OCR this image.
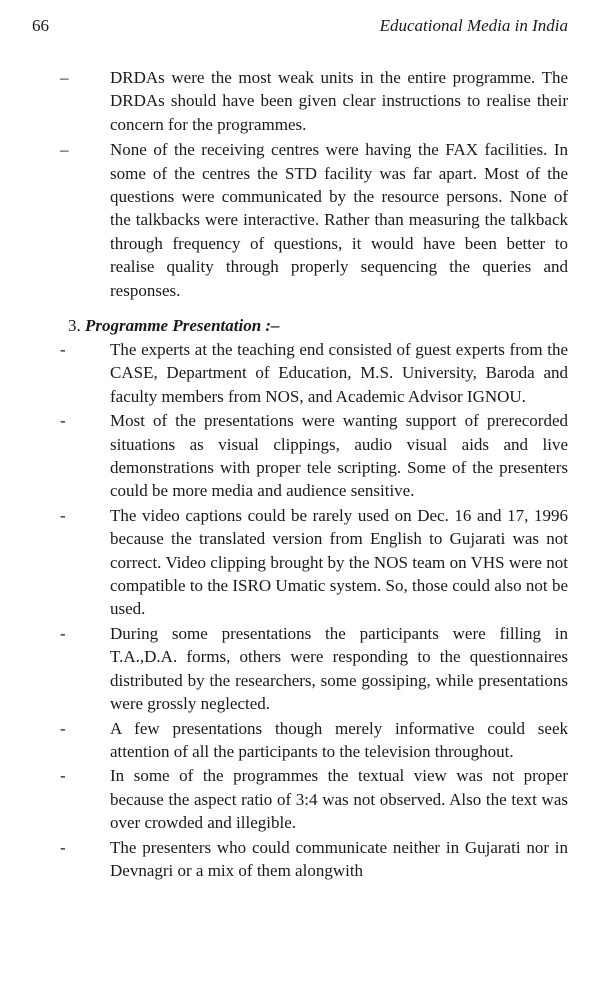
66	Educational Media in India
–	DRDAs were the most weak units in the entire programme. The DRDAs should have been given clear instructions to realise their concern for the programmes.
–	None of the receiving centres were having the FAX facilities. In some of the centres the STD facility was far apart. Most of the questions were communicated by the resource persons. None of the talkbacks were interactive. Rather than measuring the talkback through frequency of questions, it would have been better to realise quality through properly sequencing the queries and responses.
3. Programme Presentation :–
-	The experts at the teaching end consisted of guest experts from the CASE, Department of Education, M.S. University, Baroda and faculty members from NOS, and Academic Advisor IGNOU.
-	Most of the presentations were wanting support of prerecorded situations as visual clippings, audio visual aids and live demonstrations with proper tele scripting. Some of the presenters could be more media and audience sensitive.
-	The video captions could be rarely used on Dec. 16 and 17, 1996 because the translated version from English to Gujarati was not correct. Video clipping brought by the NOS team on VHS were not compatible to the ISRO Umatic system. So, those could also not be used.
-	During some presentations the participants were filling in T.A.,D.A. forms, others were responding to the questionnaires distributed by the researchers, some gossiping, while presentations were grossly neglected.
-	A few presentations though merely informative could seek attention of all the participants to the television throughout.
-	In some of the programmes the textual view was not proper because the aspect ratio of 3:4 was not observed. Also the text was over crowded and illegible.
-	The presenters who could communicate neither in Gujarati nor in Devnagri or a mix of them alongwith
